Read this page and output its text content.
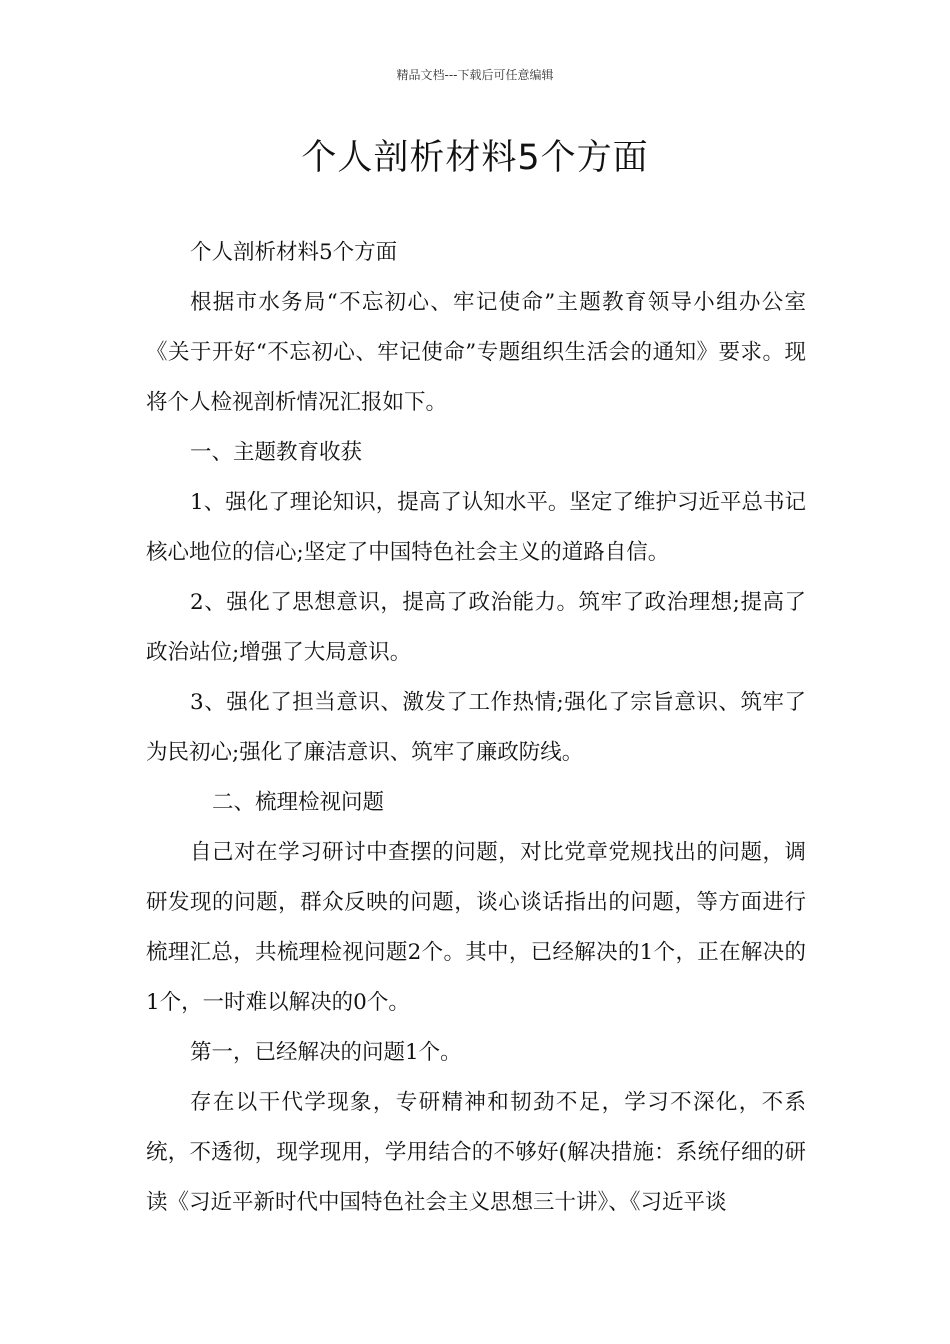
精品文档---下载后可任意编辑
个人剖析材料5个方面

个人剖析材料5个方面

根据市水务局“不忘初心、牢记使命”主题教育领导小组办公室《关于开好“不忘初心、牢记使命”专题组织生活会的通知》要求。现将个人检视剖析情况汇报如下。

一、主题教育收获

1、强化了理论知识，提高了认知水平。坚定了维护习近平总书记核心地位的信心;坚定了中国特色社会主义的道路自信。

2、强化了思想意识，提高了政治能力。筑牢了政治理想;提高了政治站位;增强了大局意识。

3、强化了担当意识、激发了工作热情;强化了宗旨意识、筑牢了为民初心;强化了廉洁意识、筑牢了廉政防线。

二、梳理检视问题

自己对在学习研讨中查摆的问题，对比党章党规找出的问题，调研发现的问题，群众反映的问题，谈心谈话指出的问题，等方面进行梳理汇总，共梳理检视问题2个。其中，已经解决的1个，正在解决的1个，一时难以解决的0个。

第一，已经解决的问题1个。

存在以干代学现象，专研精神和韧劲不足，学习不深化，不系统，不透彻，现学现用，学用结合的不够好(解决措施：系统仔细的研读《习近平新时代中国特色社会主义思想三十讲》、《习近平谈
